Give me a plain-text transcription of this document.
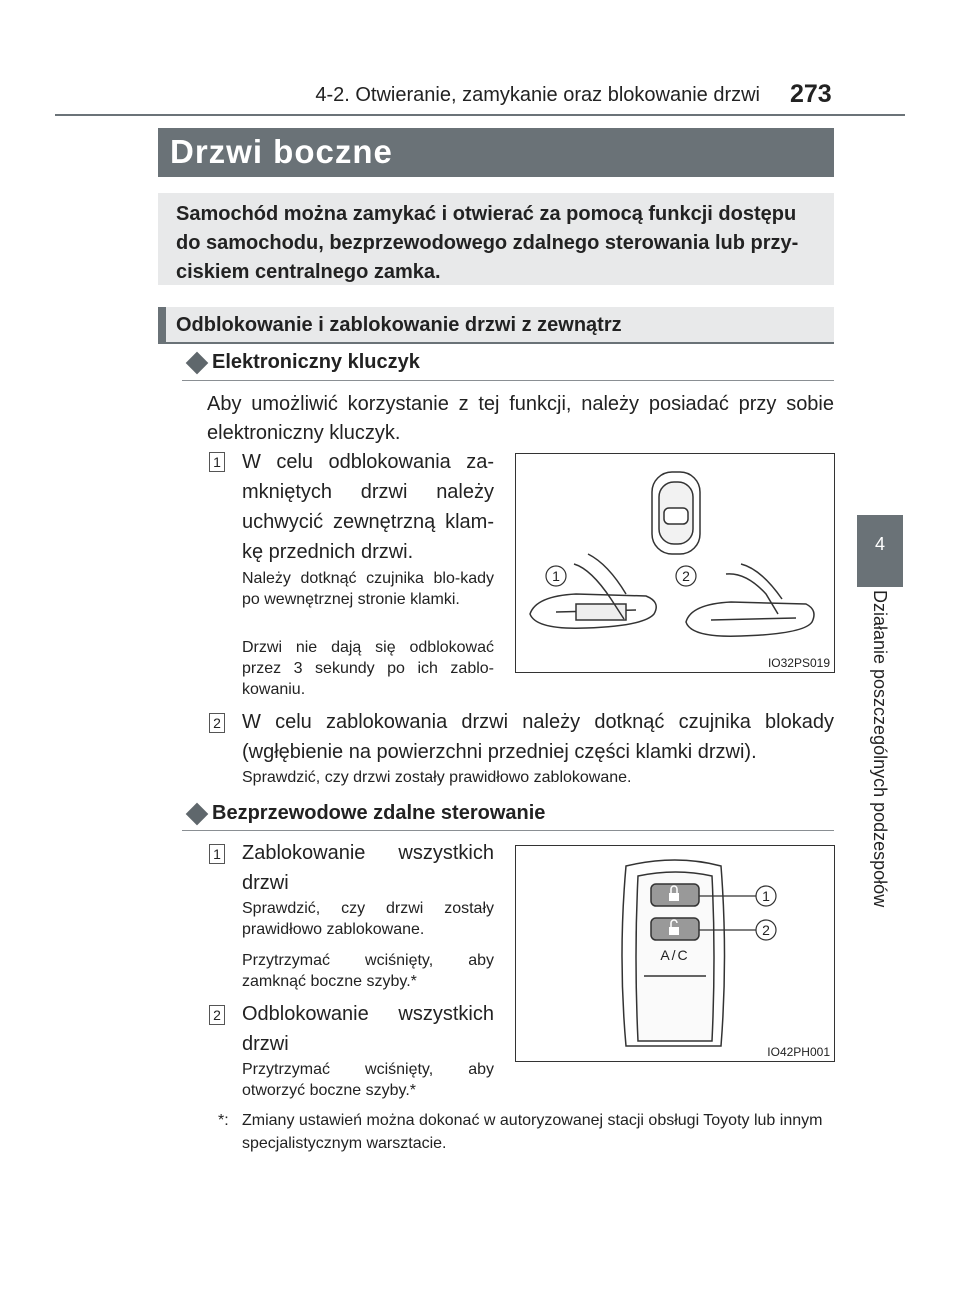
4-2. Otwieranie, zamykanie oraz blokowanie drzwi 273
4
Działanie poszczególnych podzespołów
Drzwi boczne
Samochód można zamykać i otwierać za pomocą funkcji dostępu do samochodu, bezprzewodowego zdalnego sterowania lub przy-ciskiem centralnego zamka.
Odblokowanie i zablokowanie drzwi z zewnątrz
Elektroniczny kluczyk
Aby umożliwić korzystanie z tej funkcji, należy posiadać przy sobie elektroniczny kluczyk.
1 W celu odblokowania za-mkniętych drzwi należy uchwycić zewnętrzną klam-kę przednich drzwi.
Należy dotknąć czujnika blo-kady po wewnętrznej stronie klamki.
Drzwi nie dają się odblokować przez 3 sekundy po ich zablo-kowaniu.
1	2
IO32PS019
2 W celu zablokowania drzwi należy dotknąć czujnika blokady (wgłębienie na powierzchni przedniej części klamki drzwi).
Sprawdzić, czy drzwi zostały prawidłowo zablokowane.
Bezprzewodowe zdalne sterowanie
1 Zablokowanie wszystkich drzwi
Sprawdzić, czy drzwi zostały prawidłowo zablokowane.
Przytrzymać wciśnięty, aby zamknąć boczne szyby.*
2 Odblokowanie wszystkich drzwi
Przytrzymać wciśnięty, aby otworzyć boczne szyby.*
A/C
1
2
IO42PH001
*: Zmiany ustawień można dokonać w autoryzowanej stacji obsługi Toyoty lub innym specjalistycznym warsztacie.
